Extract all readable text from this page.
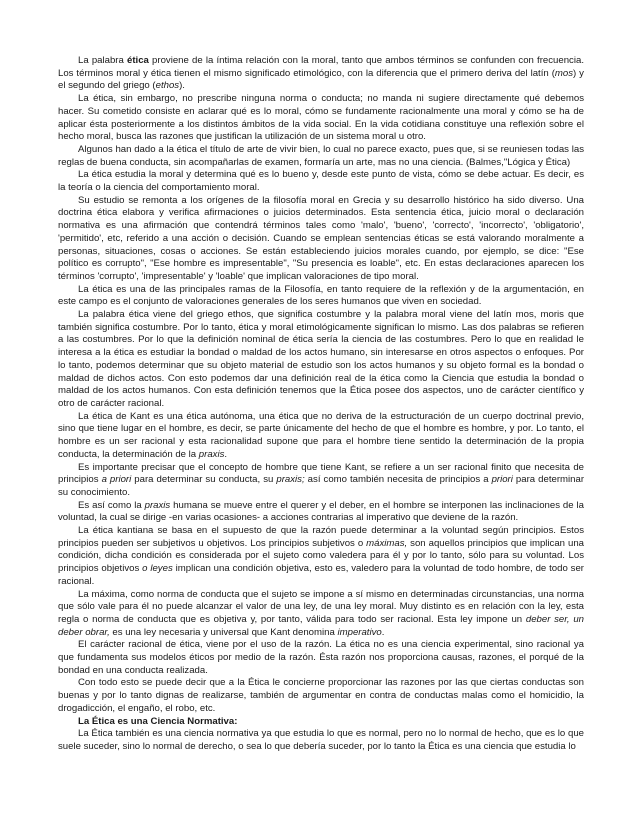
La palabra ética proviene de la íntima relación con la moral, tanto que ambos términos se confunden con frecuencia. Los términos moral y ética tienen el mismo significado etimológico, con la diferencia que el primero deriva del latín (mos) y el segundo del griego (ethos).

La ética, sin embargo, no prescribe ninguna norma o conducta; no manda ni sugiere directamente qué debemos hacer. Su cometido consiste en aclarar qué es lo moral, cómo se fundamente racionalmente una moral y cómo se ha de aplicar ésta posteriormente a los distintos ámbitos de la vida social. En la vida cotidiana constituye una reflexión sobre el hecho moral, busca las razones que justifican la utilización de un sistema moral u otro.

Algunos han dado a la ética el título de arte de vivir bien, lo cual no parece exacto, pues que, si se reuniesen todas las reglas de buena conducta, sin acompañarlas de examen, formaría un arte, mas no una ciencia. (Balmes,"Lógica y Ética)

La ética estudia la moral y determina qué es lo bueno y, desde este punto de vista, cómo se debe actuar. Es decir, es la teoría o la ciencia del comportamiento moral.

Su estudio se remonta a los orígenes de la filosofía moral en Grecia y su desarrollo histórico ha sido diverso. Una doctrina ética elabora y verifica afirmaciones o juicios determinados. Esta sentencia ética, juicio moral o declaración normativa es una afirmación que contendrá términos tales como 'malo', 'bueno', 'correcto', 'incorrecto', 'obligatorio', 'permitido', etc, referido a una acción o decisión. Cuando se emplean sentencias éticas se está valorando moralmente a personas, situaciones, cosas o acciones. Se están estableciendo juicios morales cuando, por ejemplo, se dice: "Ese político es corrupto", "Ese hombre es impresentable", "Su presencia es loable", etc. En estas declaraciones aparecen los términos 'corrupto', 'impresentable' y 'loable' que implican valoraciones de tipo moral.

La ética es una de las principales ramas de la Filosofía, en tanto requiere de la reflexión y de la argumentación, en este campo es el conjunto de valoraciones generales de los seres humanos que viven en sociedad.

La palabra ética viene del griego ethos, que significa costumbre y la palabra moral viene del latín mos, moris que también significa costumbre. Por lo tanto, ética y moral etimológicamente significan lo mismo. Las dos palabras se refieren a las costumbres. Por lo que la definición nominal de ética sería la ciencia de las costumbres. Pero lo que en realidad le interesa a la ética es estudiar la bondad o maldad de los actos humano, sin interesarse en otros aspectos o enfoques. Por lo tanto, podemos determinar que su objeto material de estudio son los actos humanos y su objeto formal es la bondad o maldad de dichos actos. Con esto podemos dar una definición real de la ética como la Ciencia que estudia la bondad o maldad de los actos humanos. Con esta definición tenemos que la Ética posee dos aspectos, uno de carácter científico y otro de carácter racional.

La ética de Kant es una ética autónoma, una ética que no deriva de la estructuración de un cuerpo doctrinal previo, sino que tiene lugar en el hombre, es decir, se parte únicamente del hecho de que el hombre es hombre, y por. Lo tanto, el hombre es un ser racional y esta racionalidad supone que para el hombre tiene sentido la determinación de la propia conducta, la determinación de la praxis.

Es importante precisar que el concepto de hombre que tiene Kant, se refiere a un ser racional finito que necesita de principios a priori para determinar su conducta, su praxis; así como también necesita de principios a priori para determinar su conocimiento.

Es así como la praxis humana se mueve entre el querer y el deber, en el hombre se interponen las inclinaciones de la voluntad, la cual se dirige -en varias ocasiones- a acciones contrarias al imperativo que deviene de la razón.

La ética kantiana se basa en el supuesto de que la razón puede determinar a la voluntad según principios. Estos principios pueden ser subjetivos u objetivos. Los principios subjetivos o máximas, son aquellos principios que implican una condición, dicha condición es considerada por el sujeto como valedera para él y por lo tanto, sólo para su voluntad. Los principios objetivos o leyes implican una condición objetiva, esto es, valedero para la voluntad de todo hombre, de todo ser racional.

La máxima, como norma de conducta que el sujeto se impone a sí mismo en determinadas circunstancias, una norma que sólo vale para él no puede alcanzar el valor de una ley, de una ley moral. Muy distinto es en relación con la ley, esta regla o norma de conducta que es objetiva y, por tanto, válida para todo ser racional. Esta ley impone un deber ser, un deber obrar, es una ley necesaria y universal que Kant denomina imperativo.

El carácter racional de ética, viene por el uso de la razón. La ética no es una ciencia experimental, sino racional ya que fundamenta sus modelos éticos por medio de la razón. Ésta razón nos proporciona causas, razones, el porqué de la bondad en una conducta realizada.

Con todo esto se puede decir que a la Ética le concierne proporcionar las razones por las que ciertas conductas son buenas y por lo tanto dignas de realizarse, también de argumentar en contra de conductas malas como el homicidio, la drogadicción, el engaño, el robo, etc.

La Ética es una Ciencia Normativa:

La Ética también es una ciencia normativa ya que estudia lo que es normal, pero no lo normal de hecho, que es lo que suele suceder, sino lo normal de derecho, o sea lo que debería suceder, por lo tanto la Ética es una ciencia que estudia lo
